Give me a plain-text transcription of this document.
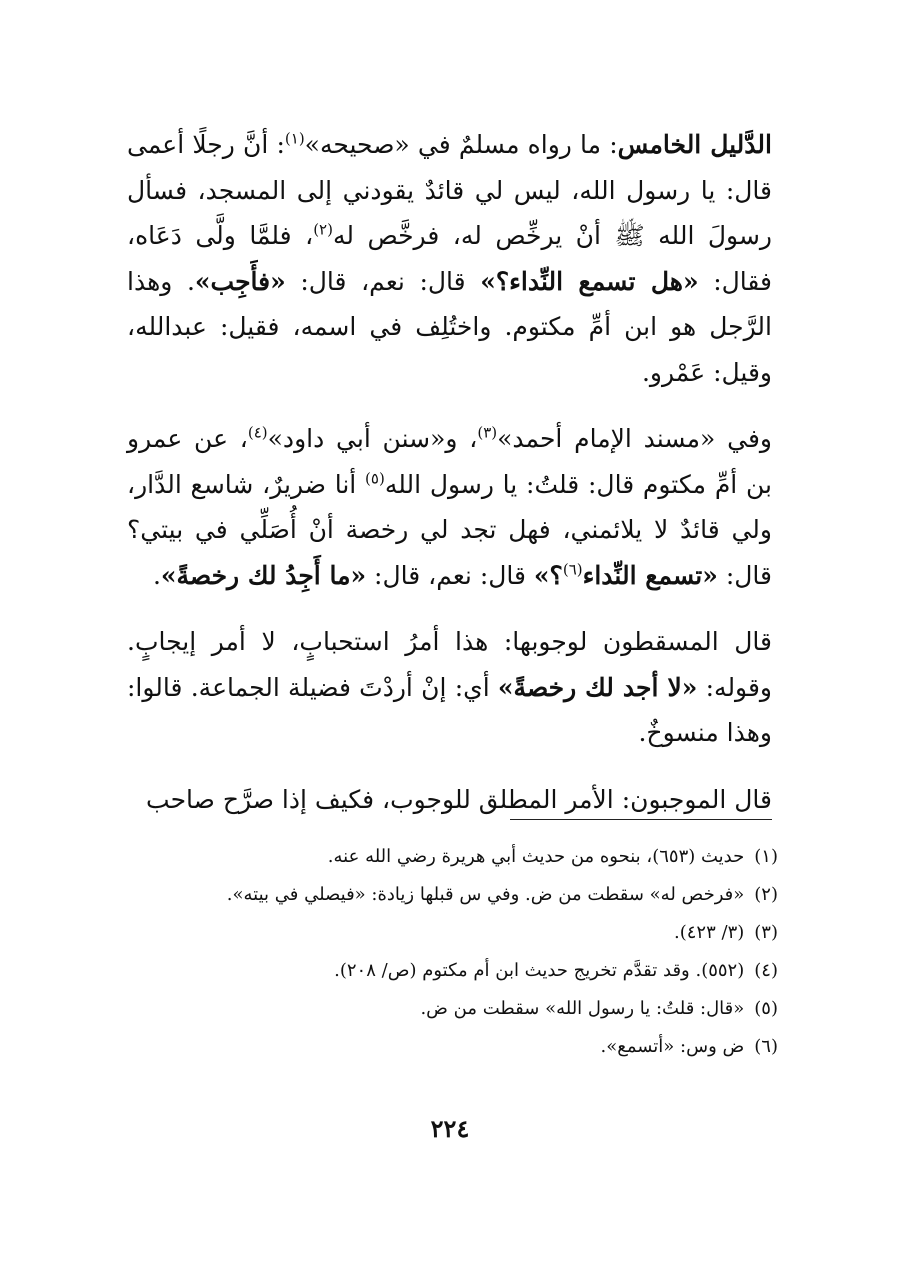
الدَّليل الخامس: ما رواه مسلمٌ في «صحيحه»$^{(١)}$: أنَّ رجلًا أعمى قال: يا رسول الله، ليس لي قائدٌ يقودني إلى المسجد، فسأل رسولَ الله ﷺ أنْ يرخِّص له، فرخَّص له$^{(٢)}$، فلمَّا ولَّى دَعَاه، فقال: «هل تسمع النِّداء؟» قال: نعم، قال: «فأَجِب». وهذا الرَّجل هو ابن أمِّ مكتوم. واختُلِف في اسمه، فقيل: عبدالله، وقيل: عَمْرو.

وفي «مسند الإمام أحمد»$^{(٣)}$، و«سنن أبي داود»$^{(٤)}$، عن عمرو بن أمِّ مكتوم قال: قلتُ: يا رسول الله$^{(٥)}$ أنا ضريرٌ، شاسع الدَّار، ولي قائدٌ لا يلائمني، فهل تجد لي رخصة أنْ أُصَلِّي في بيتي؟ قال: «تسمع النِّداء$^{(٦)}$؟» قال: نعم، قال: «ما أَجِدُ لك رخصةً».

قال المسقطون لوجوبها: هذا أمرُ استحبابٍ، لا أمر إيجابٍ. وقوله: «لا أجد لك رخصةً» أي: إنْ أردْتَ فضيلة الجماعة. قالوا: وهذا منسوخٌ.

قال الموجبون: الأمر المطلق للوجوب، فكيف إذا صرَّح صاحب

(١)
حديث (٦٥٣)، بنحوه من حديث أبي هريرة رضي الله عنه.
(٢)
«فرخص له» سقطت من ض. وفي س قبلها زيادة: «فيصلي في بيته».
(٣)
(٣/ ٤٢٣).
(٤)
(٥٥٢). وقد تقدَّم تخريج حديث ابن أم مكتوم (ص/ ٢٠٨).
(٥)
«قال: قلتُ: يا رسول الله» سقطت من ض.
(٦)
ض وس: «أتسمع».
٢٢٤
